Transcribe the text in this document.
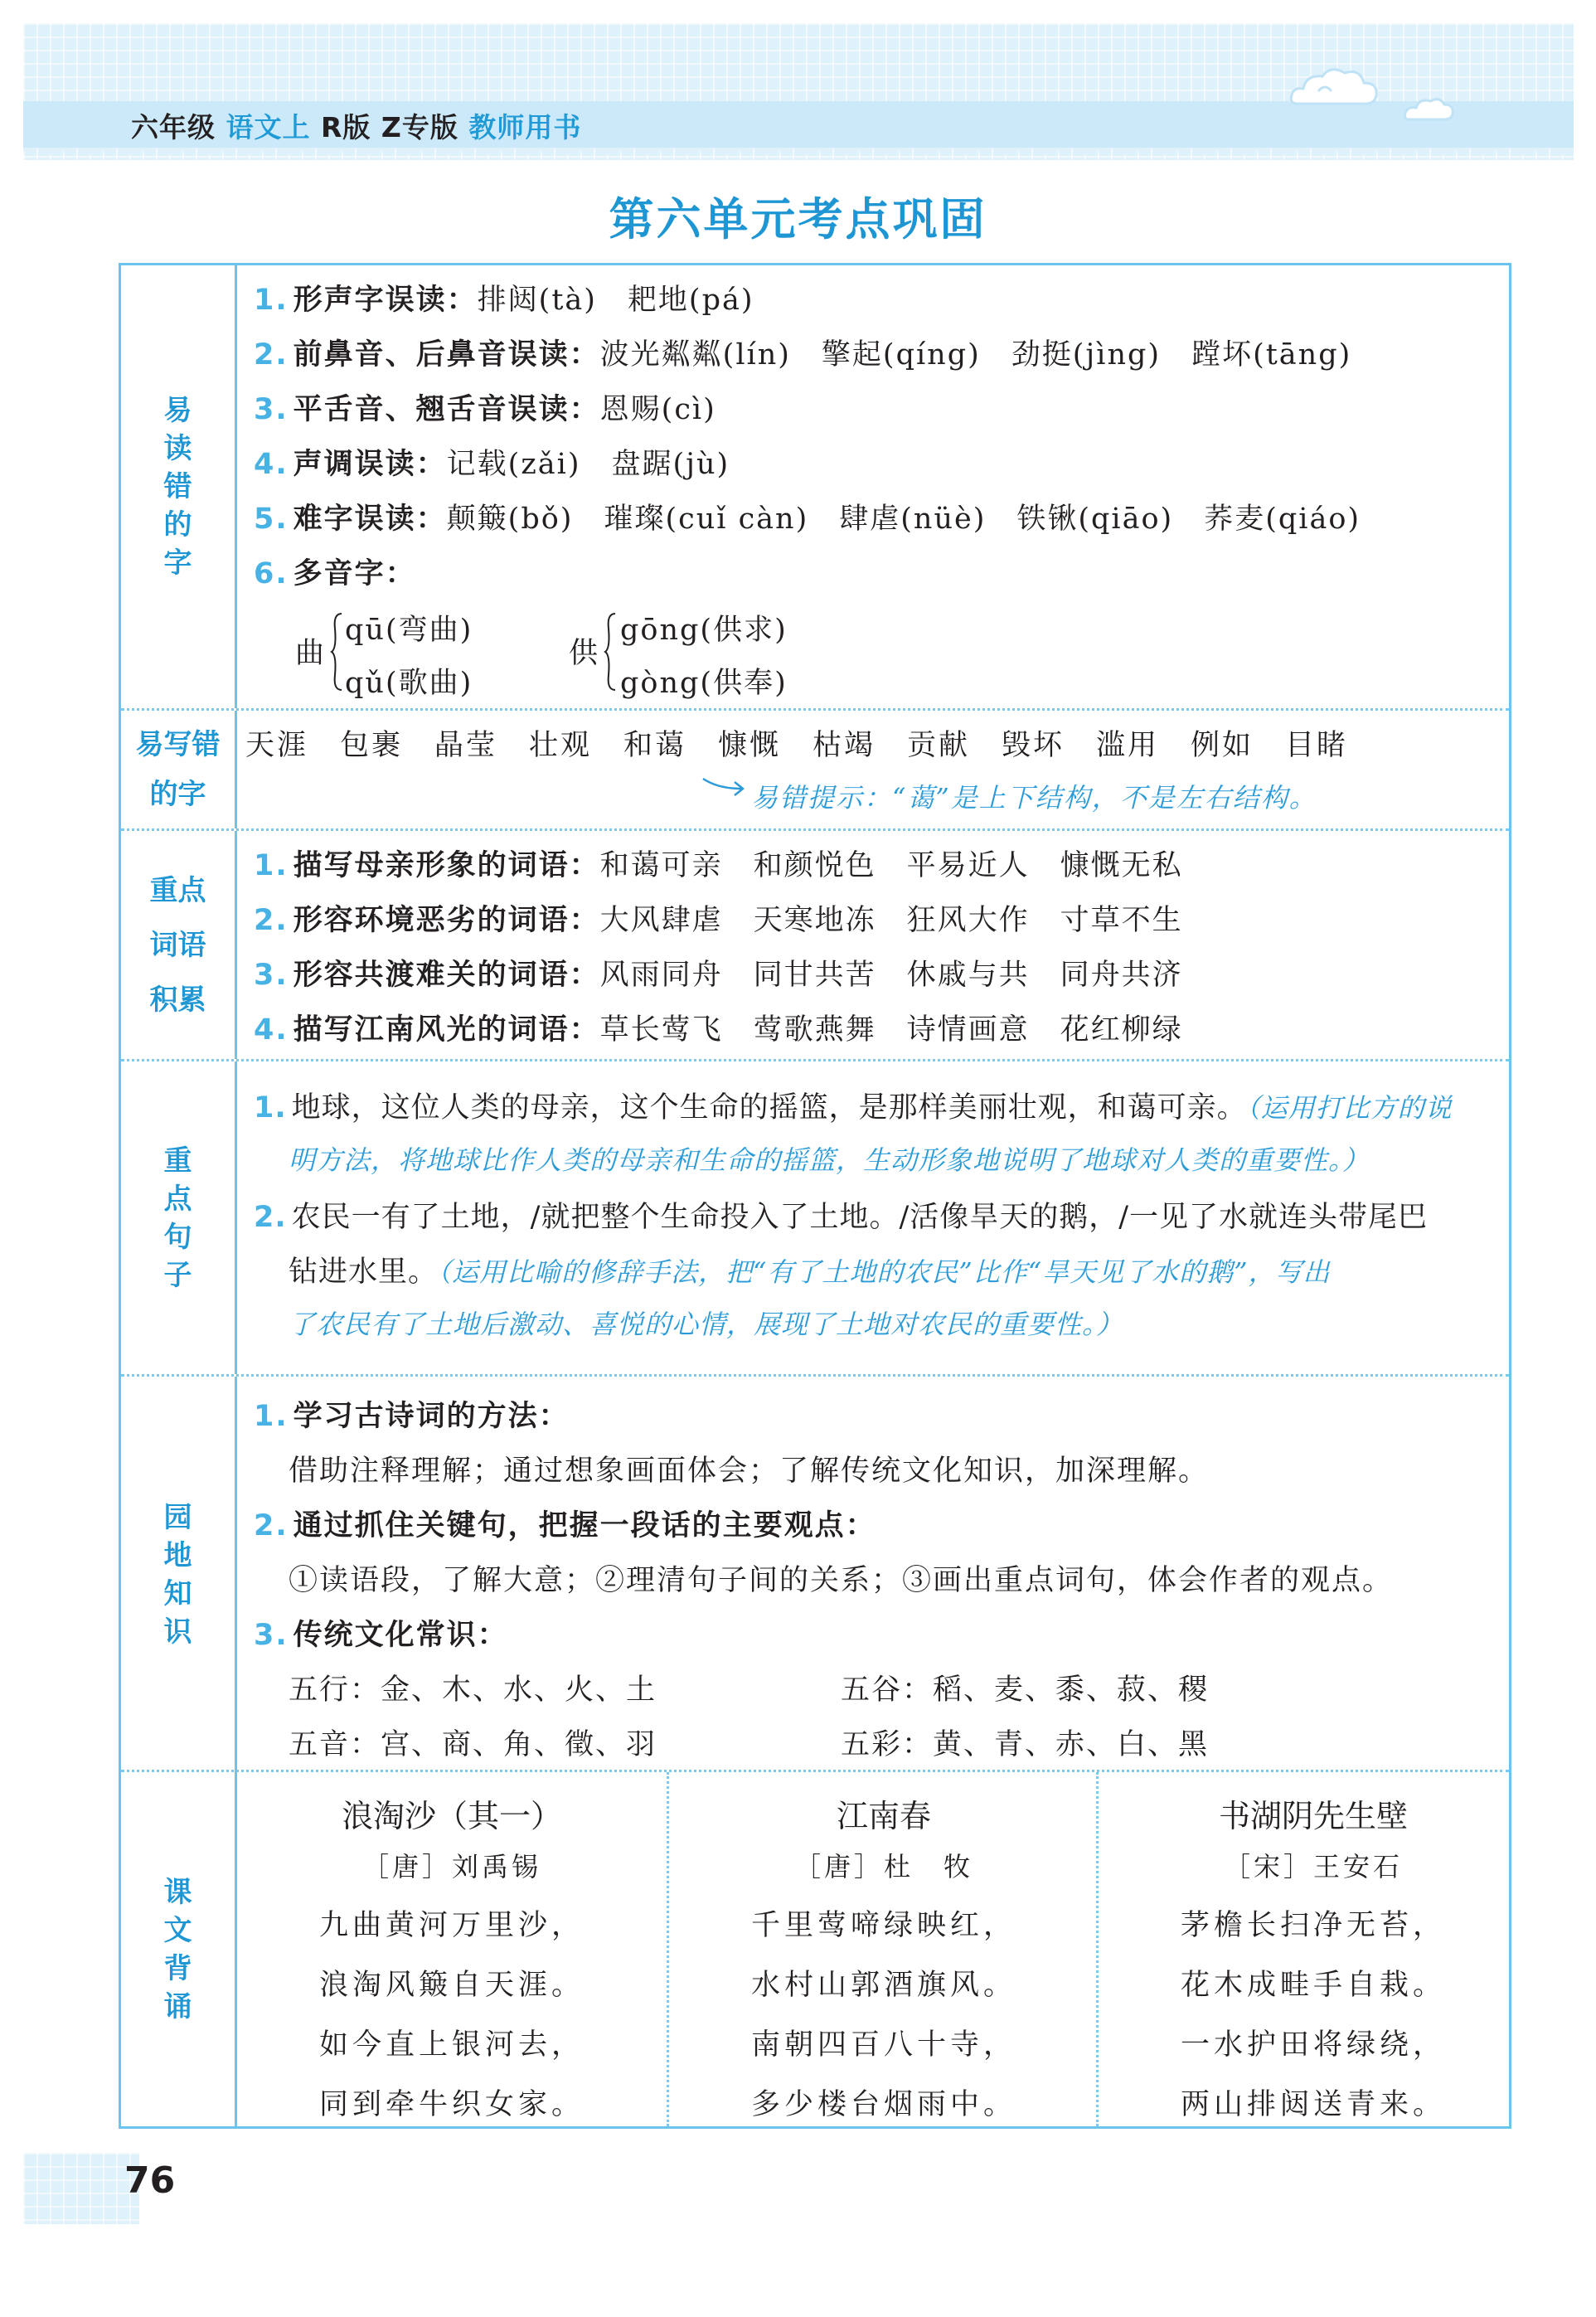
六年级 语文上 R版 Z专版 教师用书
第六单元考点巩固
易读错的字
1. 形声字误读：排闼(tà)　耙地(pá)
2. 前鼻音、后鼻音误读：波光粼粼(lín)　擎起(qíng)　劲挺(jìng)　蹚坏(tāng)
3. 平舌音、翘舌音误读：恩赐(cì)
4. 声调误读：记载(zǎi)　盘踞(jù)
5. 难字误读：颠簸(bǒ)　璀璨(cuǐ càn)　肆虐(nüè)　铁锹(qiāo)　荞麦(qiáo)
6. 多音字：
曲
qū(弯曲)
qǔ(歌曲)
供
gōng(供求)
gòng(供奉)
易写错
的字
天涯　包裹　晶莹　壮观　和蔼　慷慨　枯竭　贡献　毁坏　滥用　例如　目睹
易错提示：“蔼”是上下结构，不是左右结构。
重点
词语
积累
1. 描写母亲形象的词语：和蔼可亲　和颜悦色　平易近人　慷慨无私
2. 形容环境恶劣的词语：大风肆虐　天寒地冻　狂风大作　寸草不生
3. 形容共渡难关的词语：风雨同舟　同甘共苦　休戚与共　同舟共济
4. 描写江南风光的词语：草长莺飞　莺歌燕舞　诗情画意　花红柳绿
重点句子
1. 地球，这位人类的母亲，这个生命的摇篮，是那样美丽壮观，和蔼可亲。（运用打比方的说
明方法，将地球比作人类的母亲和生命的摇篮，生动形象地说明了地球对人类的重要性。）
2. 农民一有了土地，/就把整个生命投入了土地。/活像旱天的鹅，/一见了水就连头带尾巴
钻进水里。（运用比喻的修辞手法，把“有了土地的农民”比作“旱天见了水的鹅”，写出
了农民有了土地后激动、喜悦的心情，展现了土地对农民的重要性。）
园地知识
1. 学习古诗词的方法：
借助注释理解；通过想象画面体会；了解传统文化知识，加深理解。
2. 通过抓住关键句，把握一段话的主要观点：
①读语段，了解大意；②理清句子间的关系；③画出重点词句，体会作者的观点。
3. 传统文化常识：
五行：金、木、水、火、土	五谷：稻、麦、黍、菽、稷
五音：宫、商、角、徵、羽	五彩：黄、青、赤、白、黑
课文背诵
浪淘沙（其一）
［唐］刘禹锡
九曲黄河万里沙，
浪淘风簸自天涯。
如今直上银河去，
同到牵牛织女家。
江南春
［唐］杜　牧
千里莺啼绿映红，
水村山郭酒旗风。
南朝四百八十寺，
多少楼台烟雨中。
书湖阴先生壁
［宋］王安石
茅檐长扫净无苔，
花木成畦手自栽。
一水护田将绿绕，
两山排闼送青来。
76
